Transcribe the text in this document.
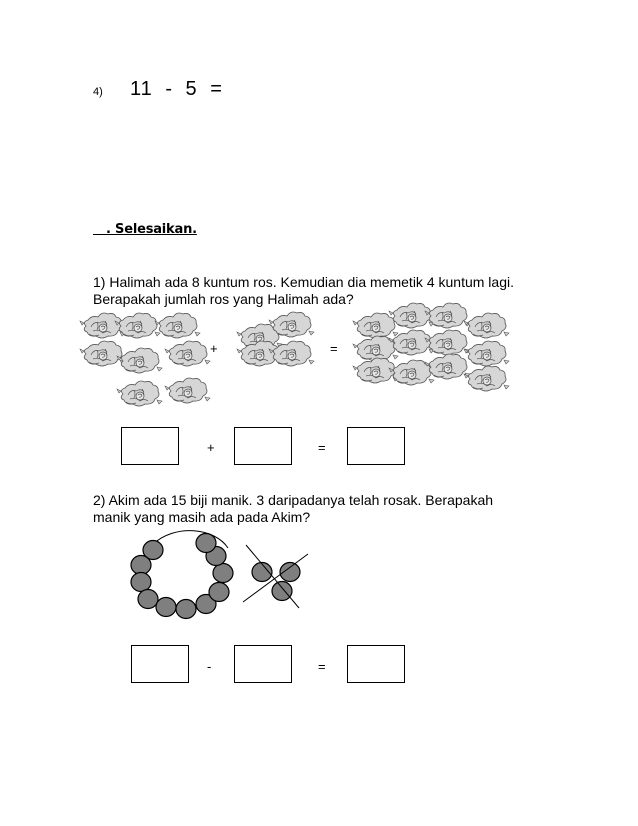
4) 11 - 5 =
. Selesaikan.
1) Halimah ada 8 kuntum ros. Kemudian dia memetik 4 kuntum lagi.
Berapakah jumlah ros yang Halimah ada?
+	=
+	=
2) Akim ada 15 biji manik. 3 daripadanya telah rosak. Berapakah
manik yang masih ada pada Akim?
-	=
